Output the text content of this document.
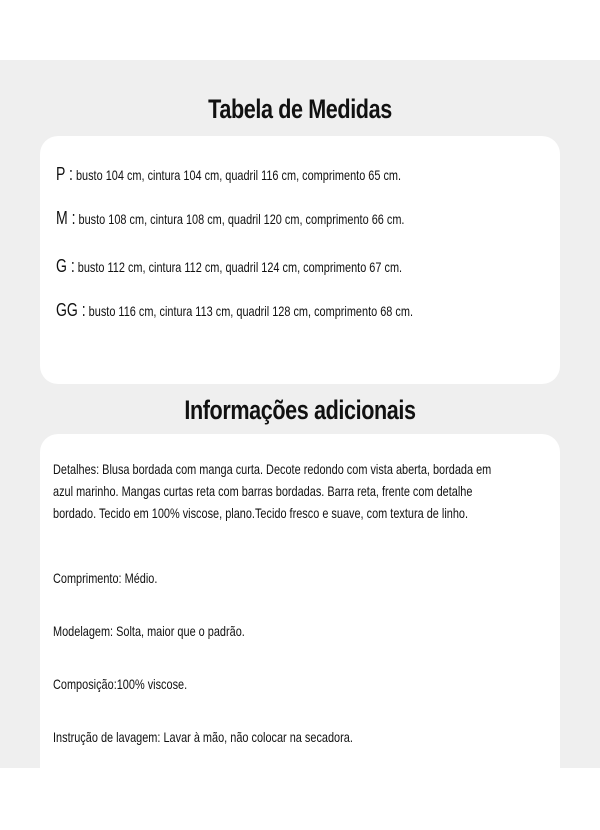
Tabela de Medidas
P : busto 104 cm, cintura 104 cm, quadril 116 cm, comprimento 65 cm.
M : busto 108 cm, cintura 108 cm, quadril 120 cm, comprimento 66 cm.
G : busto 112 cm, cintura 112 cm, quadril 124 cm, comprimento 67 cm.
GG : busto 116 cm, cintura 113 cm, quadril 128 cm, comprimento 68 cm.
Informações adicionais
Detalhes: Blusa bordada com manga curta. Decote redondo com vista aberta, bordada em
azul marinho. Mangas curtas reta com barras bordadas. Barra reta, frente com detalhe
bordado. Tecido em 100% viscose, plano.Tecido fresco e suave, com textura de linho.
Comprimento: Médio.
Modelagem: Solta, maior que o padrão.
Composição:100% viscose.
Instrução de lavagem: Lavar à mão, não colocar na secadora.
